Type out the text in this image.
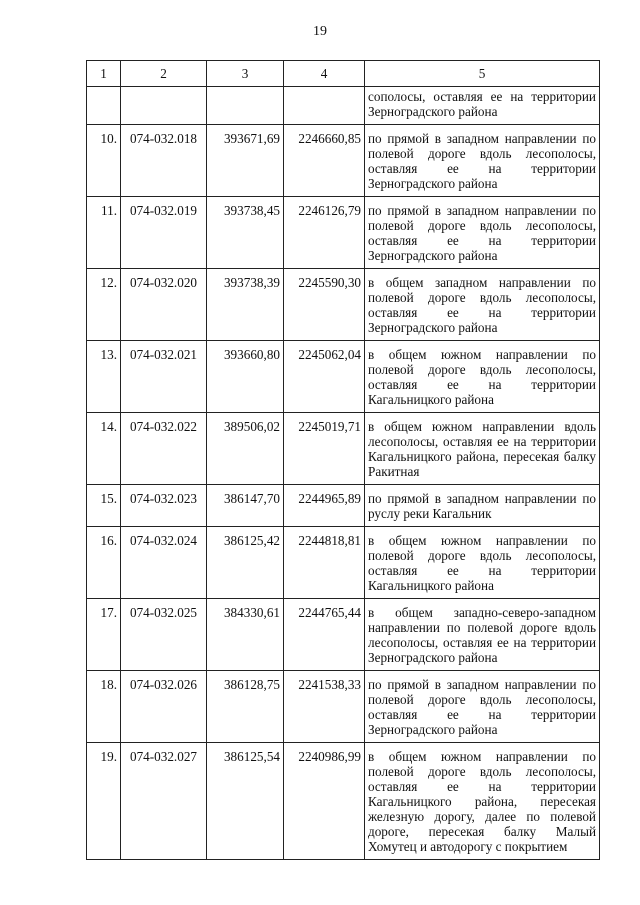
19
1	2	3	4	5
				сополосы, оставляя ее на территории Зерноградского района
10.	074-032.018	393671,69	2246660,85	по прямой в западном направлении по полевой дороге вдоль лесополосы, оставляя ее на территории Зерноградского района
11.	074-032.019	393738,45	2246126,79	по прямой в западном направлении по полевой дороге вдоль лесополосы, оставляя ее на территории Зерноградского района
12.	074-032.020	393738,39	2245590,30	в общем западном направлении по полевой дороге вдоль лесополосы, оставляя ее на территории Зерноградского района
13.	074-032.021	393660,80	2245062,04	в общем южном направлении по полевой дороге вдоль лесополосы, оставляя ее на территории Кагальницкого района
14.	074-032.022	389506,02	2245019,71	в общем южном направлении вдоль лесополосы, оставляя ее на территории Кагальницкого района, пересекая балку Ракитная
15.	074-032.023	386147,70	2244965,89	по прямой в западном направлении по руслу реки Кагальник
16.	074-032.024	386125,42	2244818,81	в общем южном направлении по полевой дороге вдоль лесополосы, оставляя ее на территории Кагальницкого района
17.	074-032.025	384330,61	2244765,44	в общем западно-северо-западном направлении по полевой дороге вдоль лесополосы, оставляя ее на территории Зерноградского района
18.	074-032.026	386128,75	2241538,33	по прямой в западном направлении по полевой дороге вдоль лесополосы, оставляя ее на территории Зерноградского района
19.	074-032.027	386125,54	2240986,99	в общем южном направлении по полевой дороге вдоль лесополосы, оставляя ее на территории Кагальницкого района, пересекая железную дорогу, далее по полевой дороге, пересекая балку Малый Хомутец и автодорогу с покрытием
